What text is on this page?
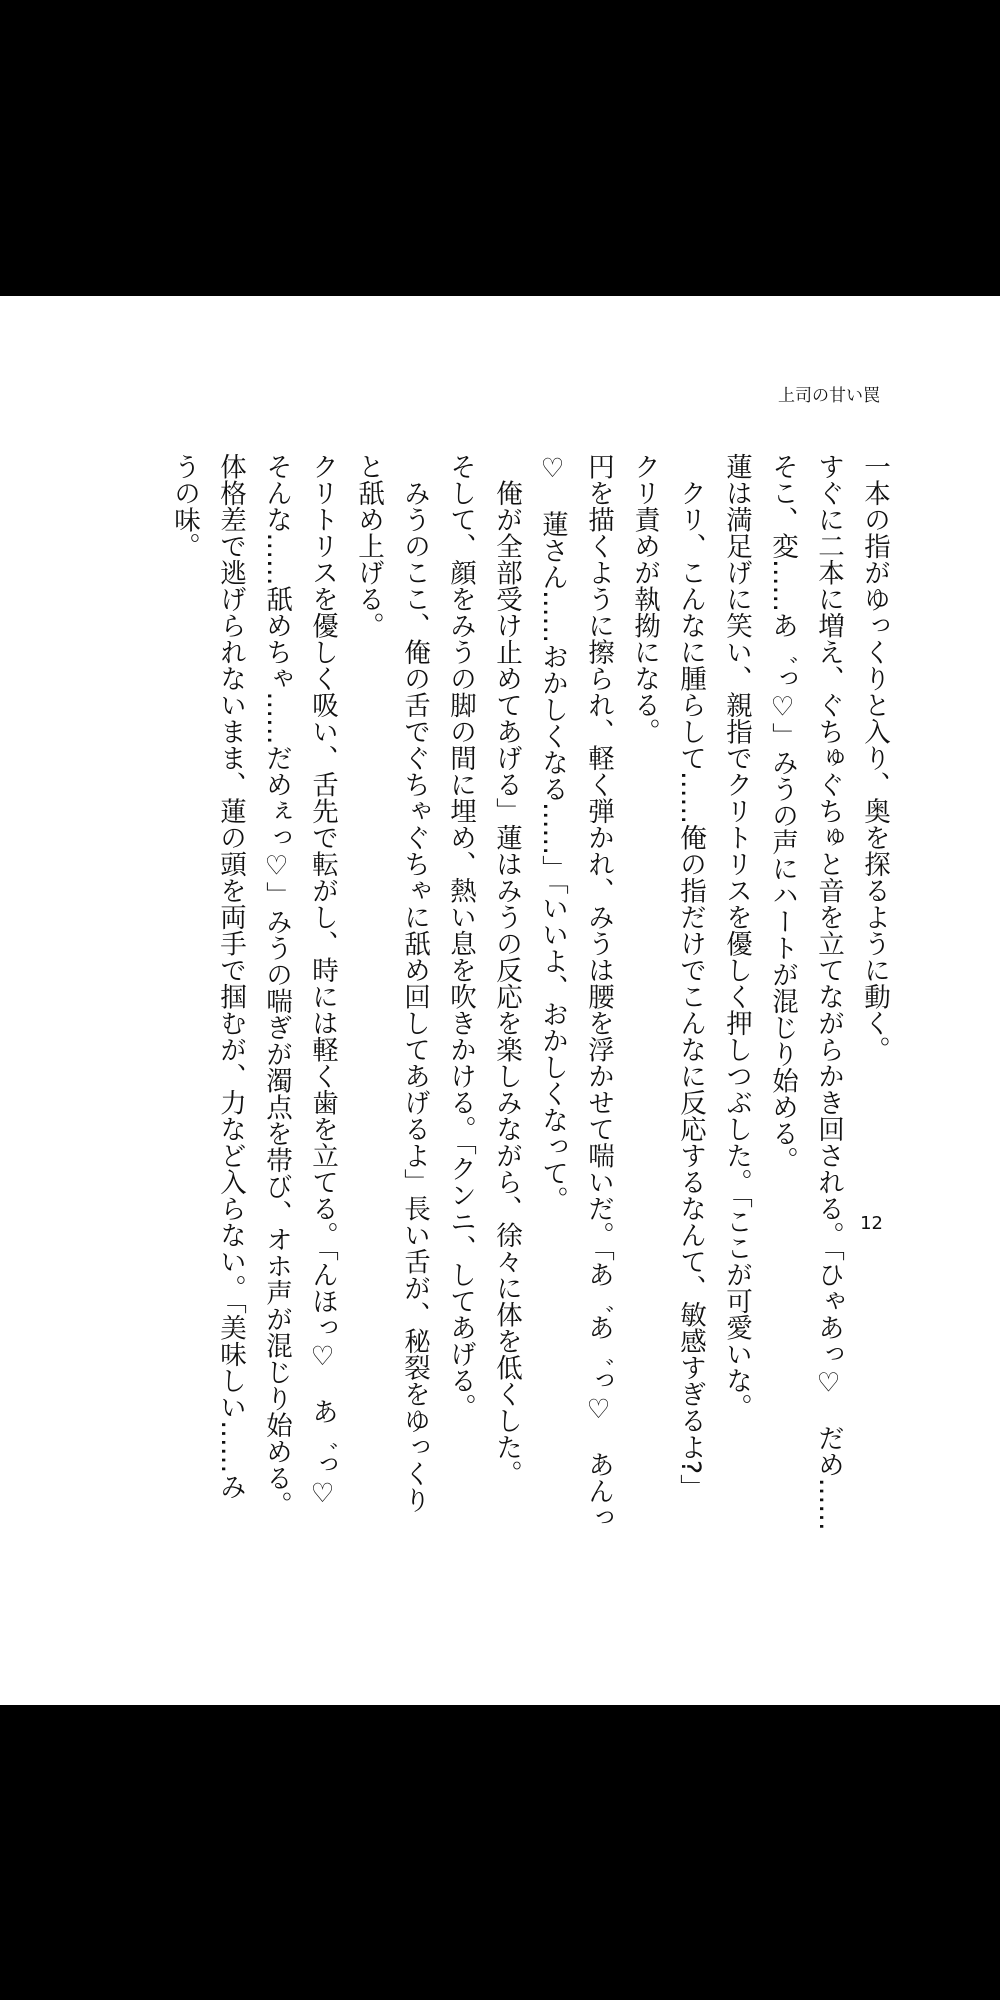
上司の甘い罠
一本の指がゆっくりと入り、奥を探るように動く。
すぐに二本に増え、ぐちゅぐちゅと音を立てながらかき回される。「ひゃあっ♡　だめ……
そこ、変……あ゛っ♡」みうの声にハートが混じり始める。
蓮は満足げに笑い、親指でクリトリスを優しく押しつぶした。「ここが可愛いな。
　クリ、こんなに腫らして……俺の指だけでこんなに反応するなんて、敏感すぎるよ?」
クリ責めが執拗になる。
円を描くように擦られ、軽く弾かれ、みうは腰を浮かせて喘いだ。「あ゛あ゛っ♡　あんっ
♡　蓮さん……おかしくなる……」「いいよ、おかしくなって。
　俺が全部受け止めてあげる」蓮はみうの反応を楽しみながら、徐々に体を低くした。
そして、顔をみうの脚の間に埋め、熱い息を吹きかける。「クンニ、してあげる。
　みうのここ、俺の舌でぐちゃぐちゃに舐め回してあげるよ」長い舌が、秘裂をゆっくり
と舐め上げる。
クリトリスを優しく吸い、舌先で転がし、時には軽く歯を立てる。「んほっ♡　あ゛っ♡
そんな……舐めちゃ……だめぇっ♡」みうの喘ぎが濁点を帯び、オホ声が混じり始める。
体格差で逃げられないまま、蓮の頭を両手で掴むが、力など入らない。「美味しい……み
うの味。
12
